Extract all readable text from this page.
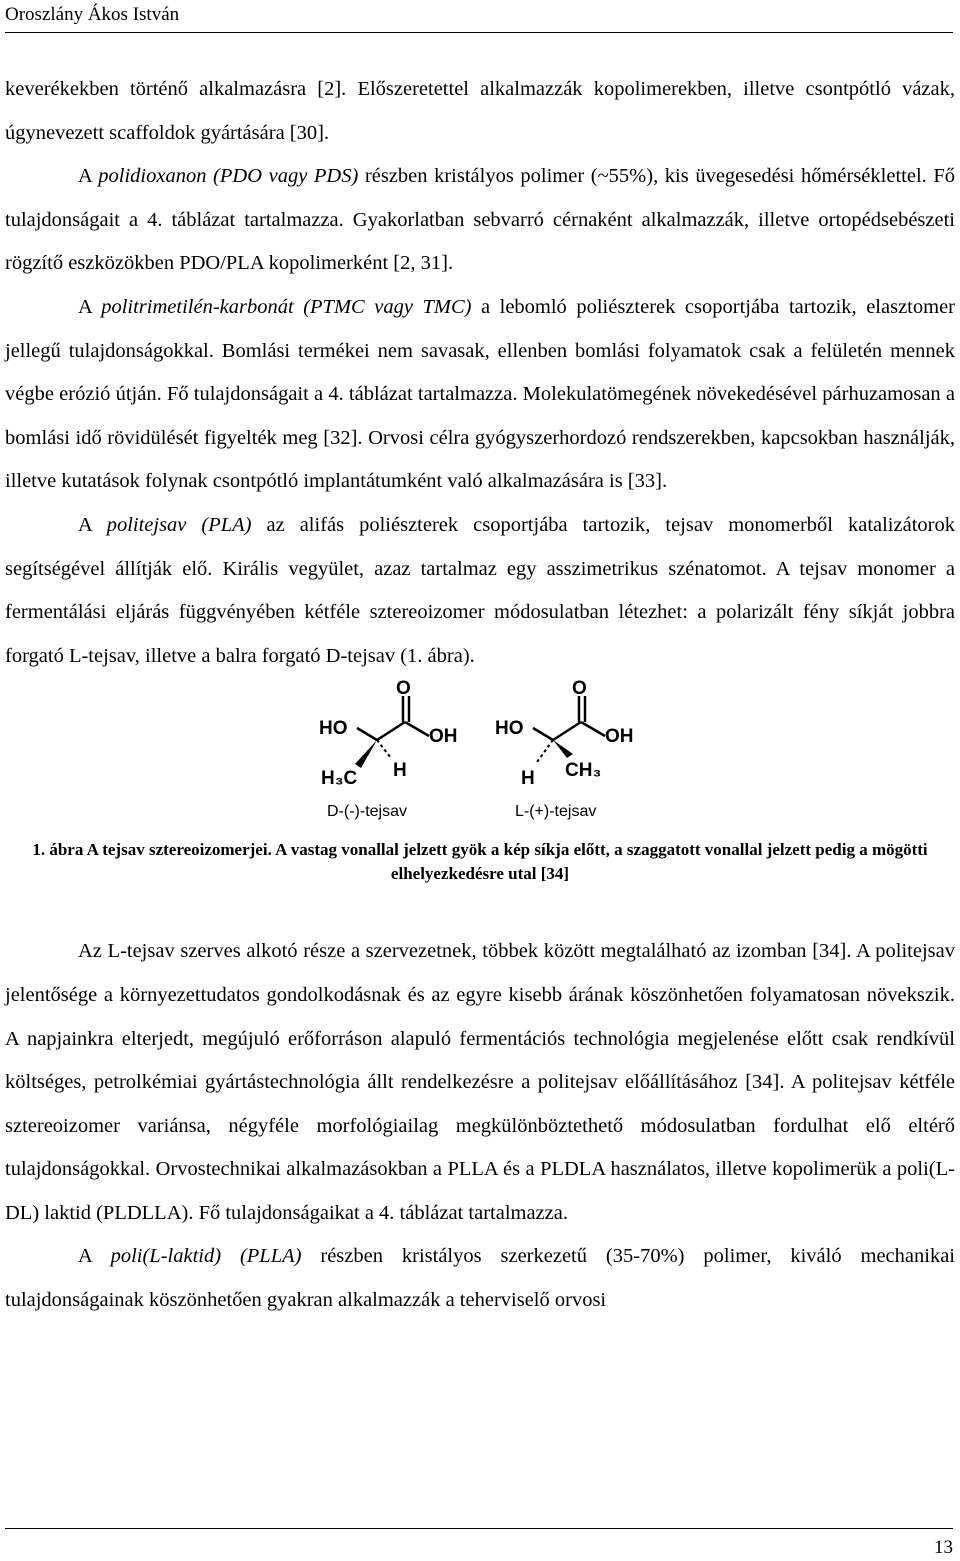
Oroszlány Ákos István

keverékekben történő alkalmazásra [2]. Előszeretettel alkalmazzák kopolimerekben, illetve csontpótló vázak, úgynevezett scaffoldok gyártására [30].

A polidioxanon (PDO vagy PDS) részben kristályos polimer (~55%), kis üvegesedési hőmérséklettel. Fő tulajdonságait a 4. táblázat tartalmazza. Gyakorlatban sebvarró cérnaként alkalmazzák, illetve ortopédsebészeti rögzítő eszközökben PDO/PLA kopolimerként [2, 31].

A politrimetilén-karbonát (PTMC vagy TMC) a lebomló poliészterek csoportjába tartozik, elasztomer jellegű tulajdonságokkal. Bomlási termékei nem savasak, ellenben bomlási folyamatok csak a felületén mennek végbe erózió útján. Fő tulajdonságait a 4. táblázat tartalmazza. Molekulatömegének növekedésével párhuzamosan a bomlási idő rövidülését figyelték meg [32]. Orvosi célra gyógyszerhordozó rendszerekben, kapcsokban használják, illetve kutatások folynak csontpótló implantátumként való alkalmazására is [33].

A politejsav (PLA) az alifás poliészterek csoportjába tartozik, tejsav monomerből katalizátorok segítségével állítják elő. Királis vegyület, azaz tartalmaz egy asszimetrikus szénatomot. A tejsav monomer a fermentálási eljárás függvényében kétféle sztereoizomer módosulatban létezhet: a polarizált fény síkját jobbra forgató L-tejsav, illetve a balra forgató D-tejsav (1. ábra).

HO
O
OH
H₃C H
D-(-)-tejsav
HO
O
OH
H CH₃
L-(+)-tejsav

1. ábra A tejsav sztereoizomerjei. A vastag vonallal jelzett gyök a kép síkja előtt, a szaggatott vonallal jelzett pedig a mögötti elhelyezkedésre utal [34]

Az L-tejsav szerves alkotó része a szervezetnek, többek között megtalálható az izomban [34]. A politejsav jelentősége a környezettudatos gondolkodásnak és az egyre kisebb árának köszönhetően folyamatosan növekszik. A napjainkra elterjedt, megújuló erőforráson alapuló fermentációs technológia megjelenése előtt csak rendkívül költséges, petrolkémiai gyártástechnológia állt rendelkezésre a politejsav előállításához [34]. A politejsav kétféle sztereoizomer variánsa, négyféle morfológiailag megkülönböztethető módosulatban fordulhat elő eltérő tulajdonságokkal. Orvostechnikai alkalmazásokban a PLLA és a PLDLA használatos, illetve kopolimerük a poli(L-DL) laktid (PLDLLA). Fő tulajdonságaikat a 4. táblázat tartalmazza.

A poli(L-laktid) (PLLA) részben kristályos szerkezetű (35-70%) polimer, kiváló mechanikai tulajdonságainak köszönhetően gyakran alkalmazzák a teherviselő orvosi

13
